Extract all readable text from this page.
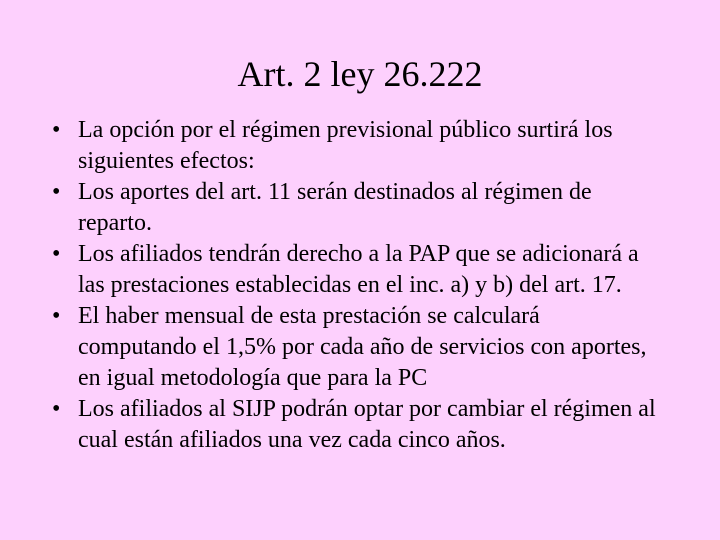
Art. 2 ley 26.222
• La opción por el régimen previsional público surtirá los siguientes efectos:
• Los aportes del art. 11 serán destinados al régimen de reparto.
• Los afiliados tendrán derecho a la PAP que se adicionará a las prestaciones establecidas en el inc. a) y b) del art. 17.
• El haber mensual de esta prestación se calculará computando el 1,5% por cada año de servicios con aportes, en igual metodología que para la PC
• Los afiliados al SIJP podrán optar por cambiar el régimen al cual están afiliados una vez cada cinco años.
